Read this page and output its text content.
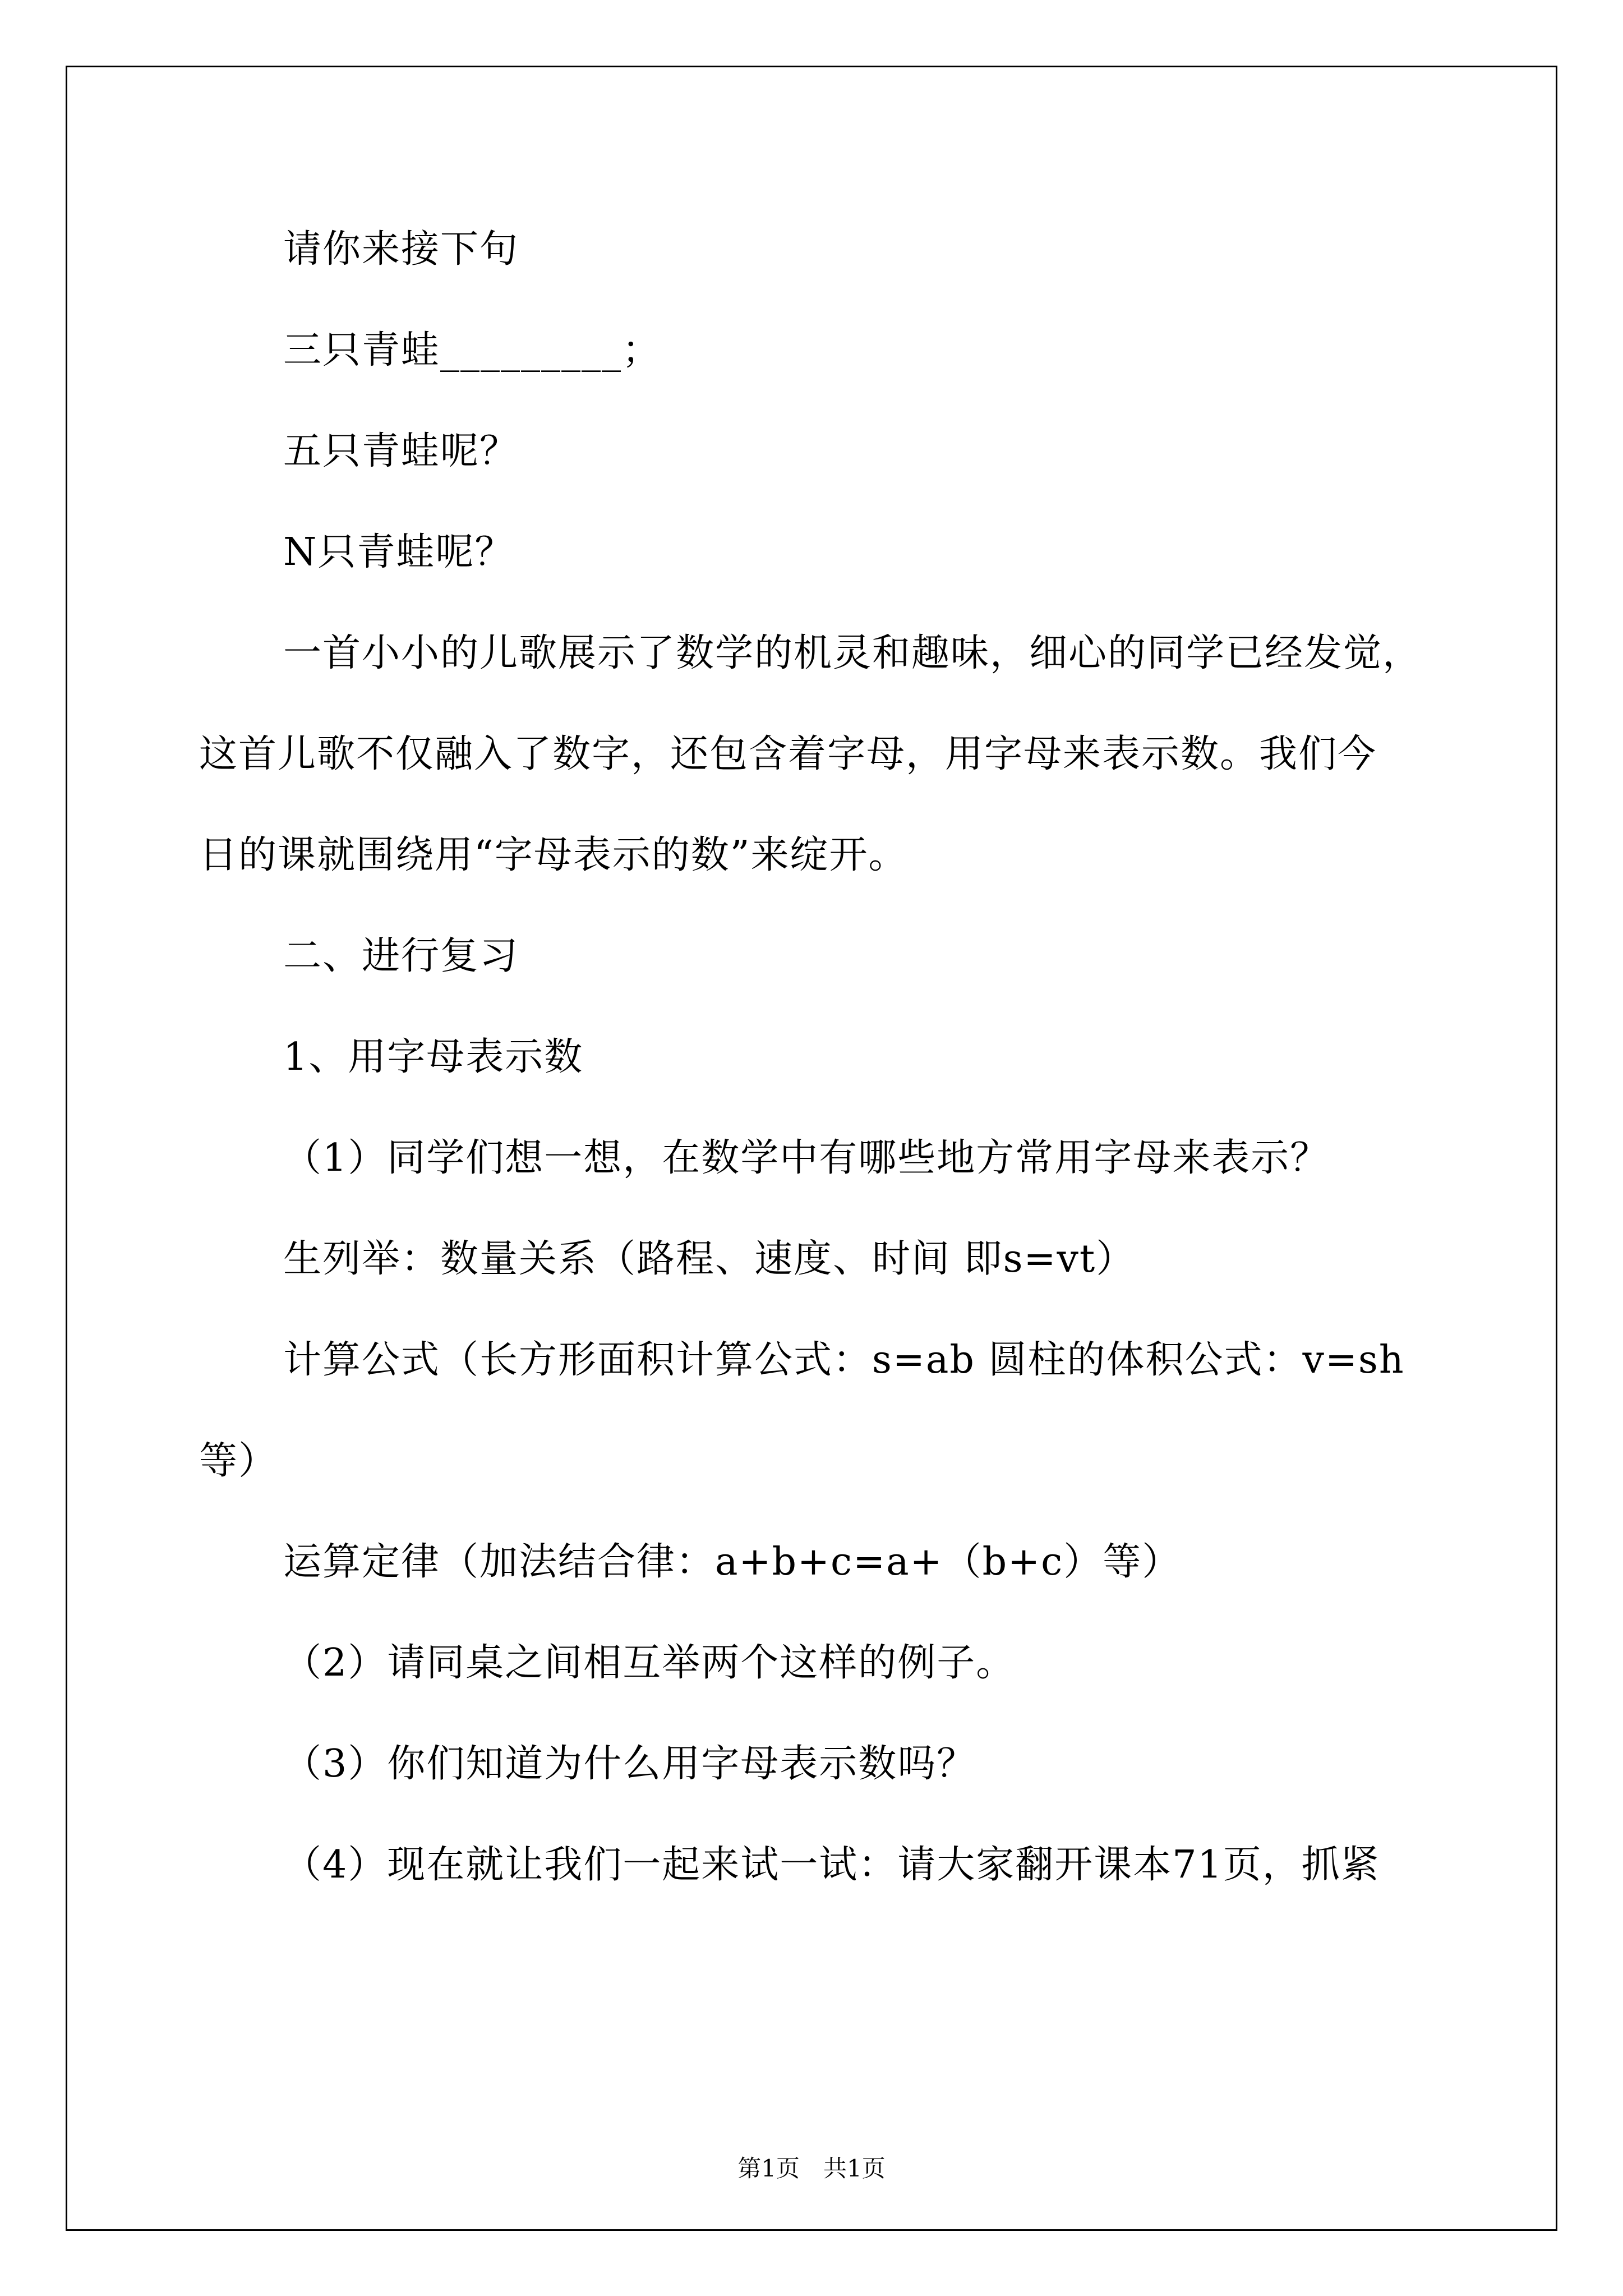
请你来接下句
三只青蛙_________；
五只青蛙呢？
N只青蛙呢？
一首小小的儿歌展示了数学的机灵和趣味，细心的同学已经发觉，
这首儿歌不仅融入了数字，还包含着字母，用字母来表示数。我们今
日的课就围绕用“字母表示的数”来绽开。
二、进行复习
1、用字母表示数
（1）同学们想一想，在数学中有哪些地方常用字母来表示？
生列举：数量关系（路程、速度、时间 即s=vt）
计算公式（长方形面积计算公式：s=ab 圆柱的体积公式：v=sh
等）
运算定律（加法结合律：a+b+c=a+（b+c）等）
（2）请同桌之间相互举两个这样的例子。
（3）你们知道为什么用字母表示数吗？
（4）现在就让我们一起来试一试：请大家翻开课本71页，抓紧
第1页　共1页
